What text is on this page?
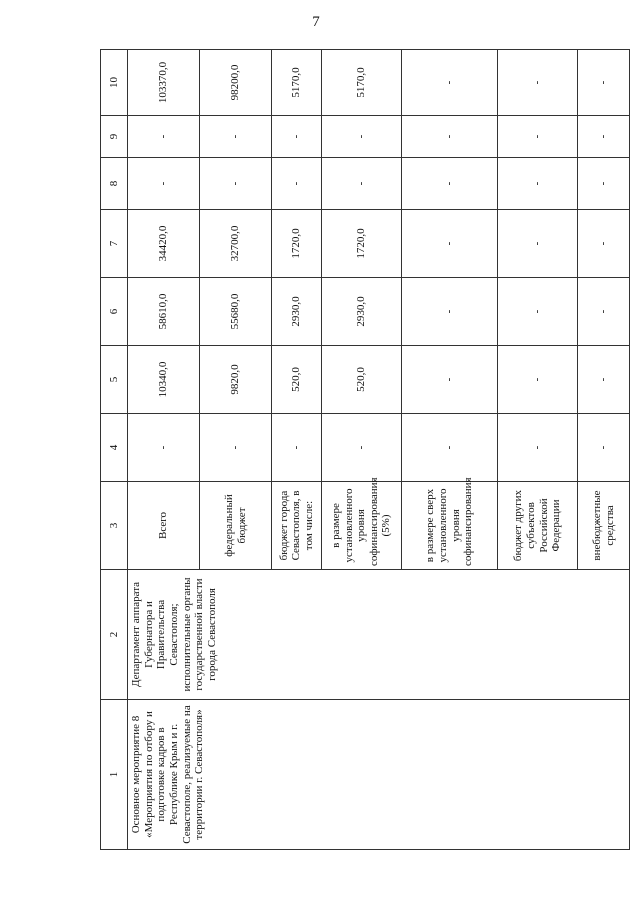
7
1	2	3	4	5	6	7	8	9	10
Основное мероприятие 8 «Мероприятия по отбору и подготовке кадров в Республике Крым и г. Севастополе, реализуемые на территории г. Севастополя»	Департамент аппарата Губернатора и Правительства Севастополя; исполнительные органы государственной власти города Севастополя	Всего	-	10340,0	58610,0	34420,0	-	-	103370,0
		федеральный бюджет	-	9820,0	55680,0	32700,0	-	-	98200,0
		бюджет города Севастополя, в том числе:	-	520,0	2930,0	1720,0	-	-	5170,0
		в размере установленного уровня софинансирования (5%)	-	520,0	2930,0	1720,0	-	-	5170,0
		в размере сверх установленного уровня софинансирования	-	-	-	-	-	-	-
		бюджет других субъектов Российской Федерации	-	-	-	-	-	-	-
		внебюджетные средства	-	-	-	-	-	-	-
